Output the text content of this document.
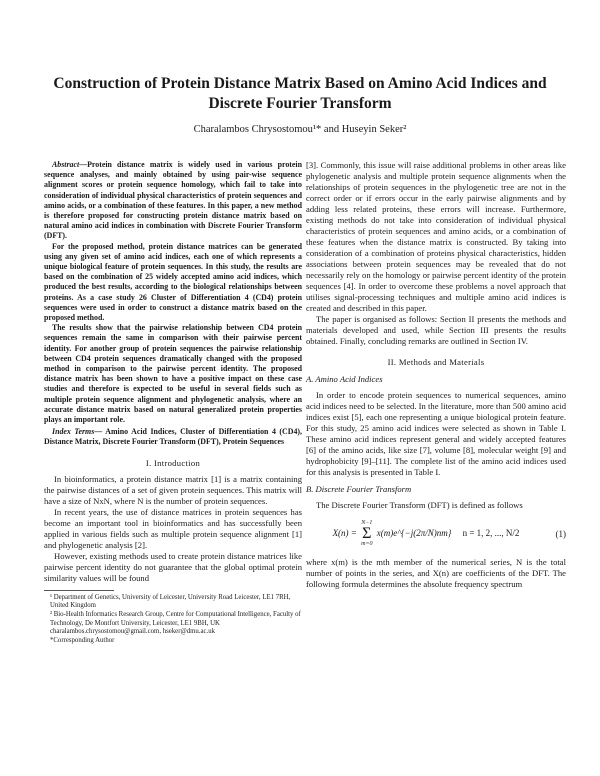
Construction of Protein Distance Matrix Based on Amino Acid Indices and Discrete Fourier Transform
Charalambos Chrysostomou¹* and Huseyin Seker²

Abstract—Protein distance matrix is widely used in various protein sequence analyses, and mainly obtained by using pair-wise sequence alignment scores or protein sequence homology, which fail to take into consideration of individual physical characteristics of protein sequences and amino acids, or a combination of these features. In this paper, a new method is therefore proposed for constructing protein distance matrix based on natural amino acid indices in combination with Discrete Fourier Transform (DFT).

For the proposed method, protein distance matrices can be generated using any given set of amino acid indices, each one of which represents a unique biological feature of protein sequences. In this study, the results are based on the combination of 25 widely accepted amino acid indices, which produced the best results, according to the biological relationships between proteins. As a case study 26 Cluster of Differentiation 4 (CD4) protein sequences were used in order to construct a distance matrix based on the proposed method.

The results show that the pairwise relationship between CD4 protein sequences remain the same in comparison with their pairwise percent identity. For another group of protein sequences the pairwise relationship between CD4 protein sequences dramatically changed with the proposed method in comparison to the pairwise percent identity. The proposed distance matrix has been shown to have a positive impact on these case studies and therefore is expected to be useful in several fields such as multiple protein sequence alignment and phylogenetic analysis, where an accurate distance matrix based on natural generalized protein properties plays an important role.

Index Terms— Amino Acid Indices, Cluster of Differentiation 4 (CD4), Distance Matrix, Discrete Fourier Transform (DFT), Protein Sequences

I. Introduction

In bioinformatics, a protein distance matrix [1] is a matrix containing the pairwise distances of a set of given protein sequences. This matrix will have a size of NxN, where N is the number of protein sequences.

In recent years, the use of distance matrices in protein sequences has become an important tool in bioinformatics and has successfully been applied in various fields such as multiple protein sequence alignment [1] and phylogenetic analysis [2].

However, existing methods used to create protein distance matrices like pairwise percent identity do not guarantee that the global optimal protein similarity values will be found

¹ Department of Genetics, University of Leicester, University Road Leicester, LE1 7RH, United Kingdom

² Bio-Health Informatics Research Group, Centre for Computational Intelligence, Faculty of Technology, De Montfort University, Leicester, LE1 9BH, UK

charalambos.chrysostomou@gmail.com, hseker@dmu.ac.uk

*Corresponding Author

[3]. Commonly, this issue will raise additional problems in other areas like phylogenetic analysis and multiple protein sequence alignments when the relationships of protein sequences in the phylogenetic tree are not in the correct order or if errors occur in the early pairwise alignments and by adding less related proteins, these errors will increase. Furthermore, existing methods do not take into consideration of individual physical characteristics of protein sequences and amino acids, or a combination of these features when the distance matrix is constructed. By taking into consideration of a combination of proteins physical characteristics, hidden associations between protein sequences may be revealed that do not necessarily rely on the homology or pairwise percent identity of the protein sequences [4]. In order to overcome these problems a novel approach that utilises signal-processing techniques and multiple amino acid indices is created and described in this paper.

The paper is organised as follows: Section II presents the methods and materials developed and used, while Section III presents the results obtained. Finally, concluding remarks are outlined in Section IV.

II. Methods and Materials
A. Amino Acid Indices

In order to encode protein sequences to numerical sequences, amino acid indices need to be selected. In the literature, more than 500 amino acid indices exist [5], each one representing a unique biological protein feature. For this study, 25 amino acid indices were selected as shown in Table I. These amino acid indices represent general and widely accepted features [6] of the amino acids, like size [7], volume [8], molecular weight [9] and hydrophobicity [9]–[11]. The complete list of the amino acid indices used for this analysis is presented in Table I.

B. Discrete Fourier Transform

The Discrete Fourier Transform (DFT) is defined as follows

X(n) =
N−1
Σ
m=0
x(m)e^{−j(2π/N)nm} n = 1, 2, ..., N/2	(1)

where x(m) is the mth member of the numerical series, N is the total number of points in the series, and X(n) are coefficients of the DFT. The following formula determines the absolute frequency spectrum
